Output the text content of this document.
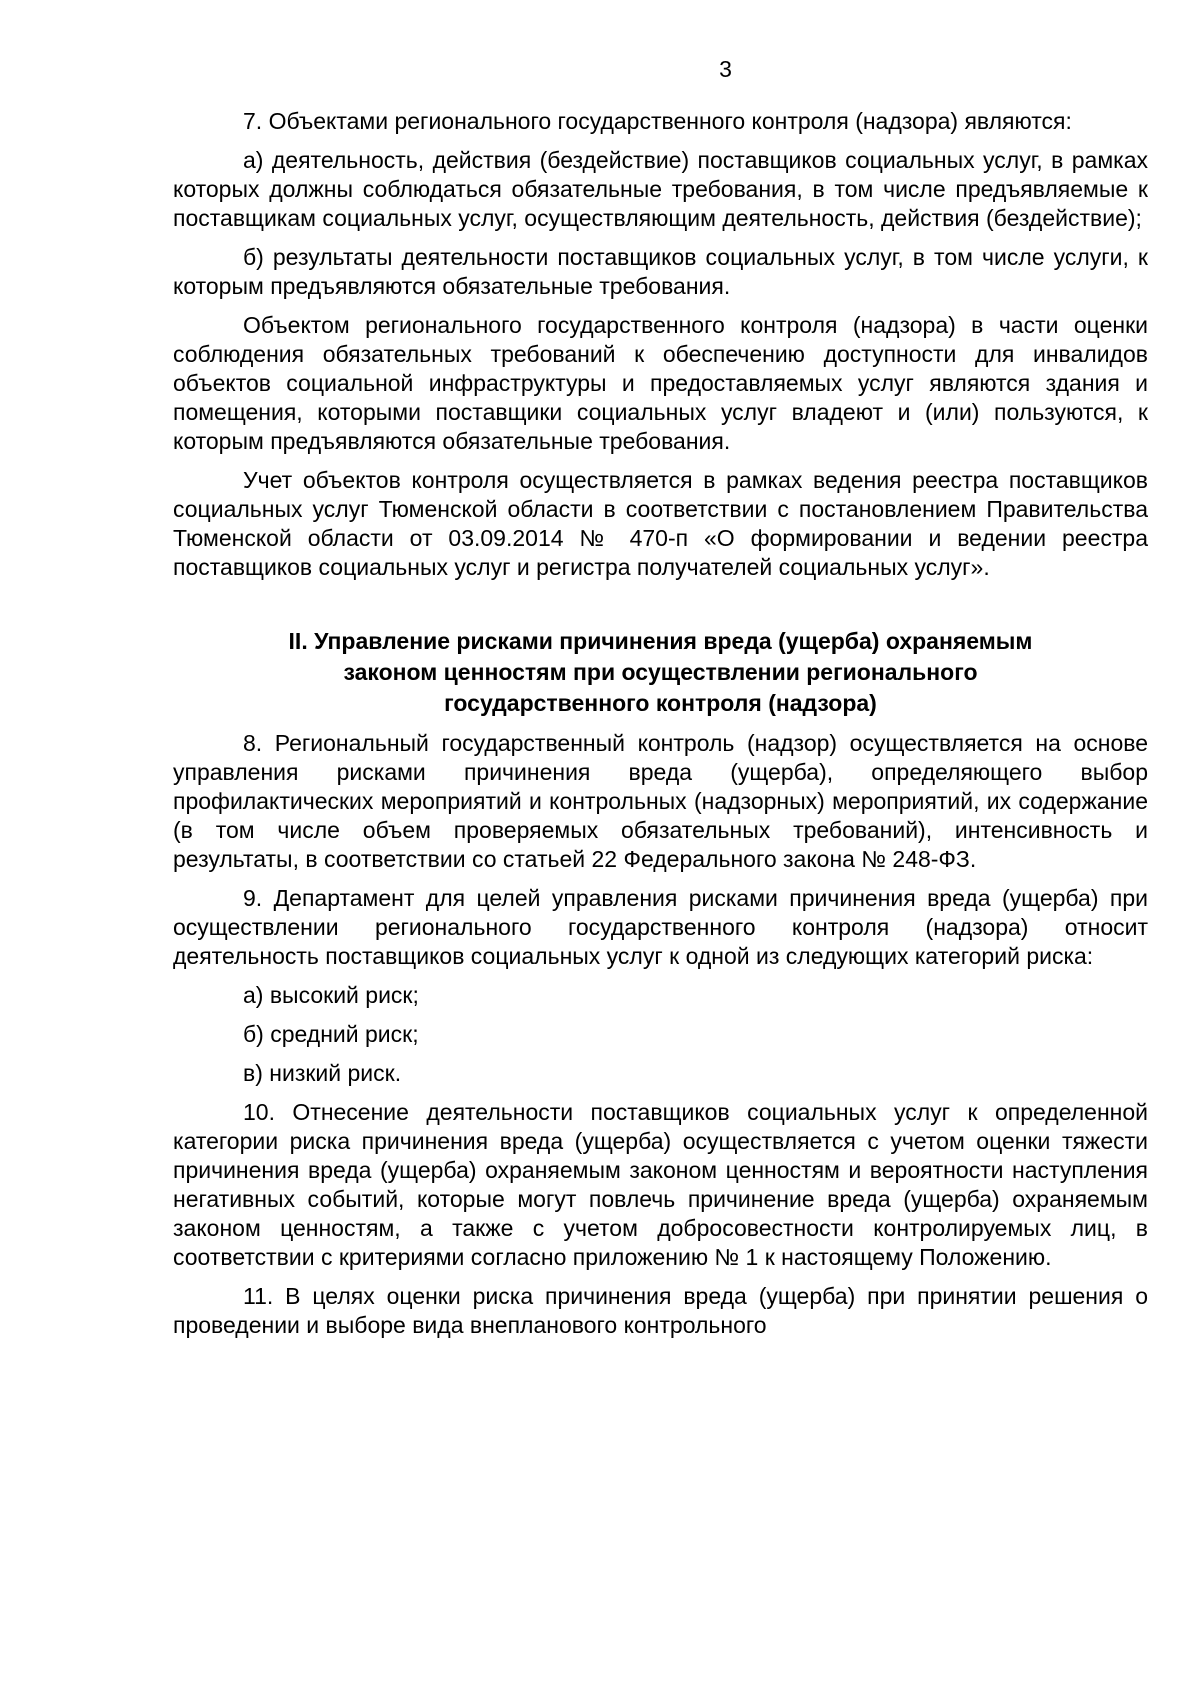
3

7. Объектами регионального государственного контроля (надзора) являются:

а) деятельность, действия (бездействие) поставщиков социальных услуг, в рамках которых должны соблюдаться обязательные требования, в том числе предъявляемые к поставщикам социальных услуг, осуществляющим деятельность, действия (бездействие);

б) результаты деятельности поставщиков социальных услуг, в том числе услуги, к которым предъявляются обязательные требования.

Объектом регионального государственного контроля (надзора) в части оценки соблюдения обязательных требований к обеспечению доступности для инвалидов объектов социальной инфраструктуры и предоставляемых услуг являются здания и помещения, которыми поставщики социальных услуг владеют и (или) пользуются, к которым предъявляются обязательные требования.

Учет объектов контроля осуществляется в рамках ведения реестра поставщиков социальных услуг Тюменской области в соответствии с постановлением Правительства Тюменской области от 03.09.2014 № 470-п «О формировании и ведении реестра поставщиков социальных услуг и регистра получателей социальных услуг».

II. Управление рисками причинения вреда (ущерба) охраняемым
законом ценностям при осуществлении регионального
государственного контроля (надзора)

8. Региональный государственный контроль (надзор) осуществляется на основе управления рисками причинения вреда (ущерба), определяющего выбор профилактических мероприятий и контрольных (надзорных) мероприятий, их содержание (в том числе объем проверяемых обязательных требований), интенсивность и результаты, в соответствии со статьей 22 Федерального закона № 248-ФЗ.

9. Департамент для целей управления рисками причинения вреда (ущерба) при осуществлении регионального государственного контроля (надзора) относит деятельность поставщиков социальных услуг к одной из следующих категорий риска:

а) высокий риск;

б) средний риск;

в) низкий риск.

10. Отнесение деятельности поставщиков социальных услуг к определенной категории риска причинения вреда (ущерба) осуществляется с учетом оценки тяжести причинения вреда (ущерба) охраняемым законом ценностям и вероятности наступления негативных событий, которые могут повлечь причинение вреда (ущерба) охраняемым законом ценностям, а также с учетом добросовестности контролируемых лиц, в соответствии с критериями согласно приложению № 1 к настоящему Положению.

11. В целях оценки риска причинения вреда (ущерба) при принятии решения о проведении и выборе вида внепланового контрольного
